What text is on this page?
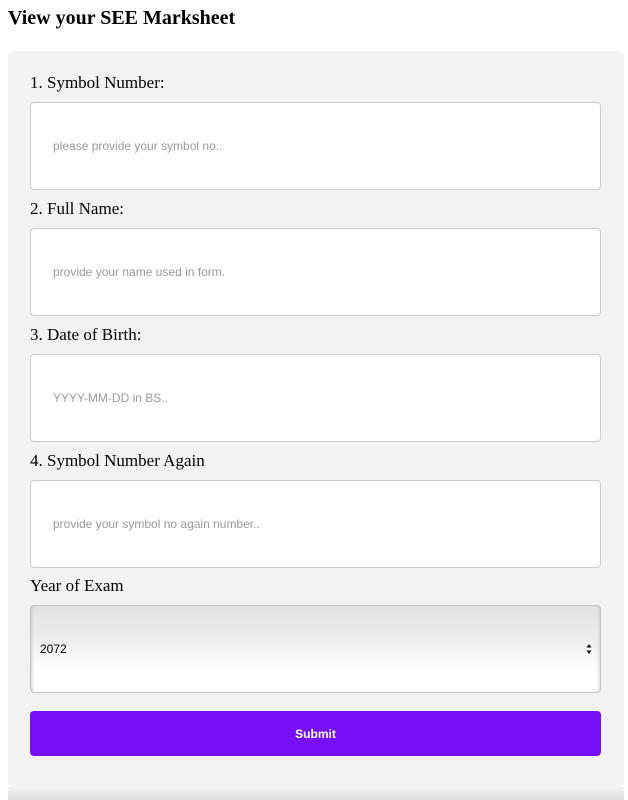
View your SEE Marksheet
1. Symbol Number:
please provide your symbol no..
2. Full Name:
provide your name used in form.
3. Date of Birth:
YYYY-MM-DD in BS..
4. Symbol Number Again
provide your symbol no again number..
Year of Exam
2072
Submit
